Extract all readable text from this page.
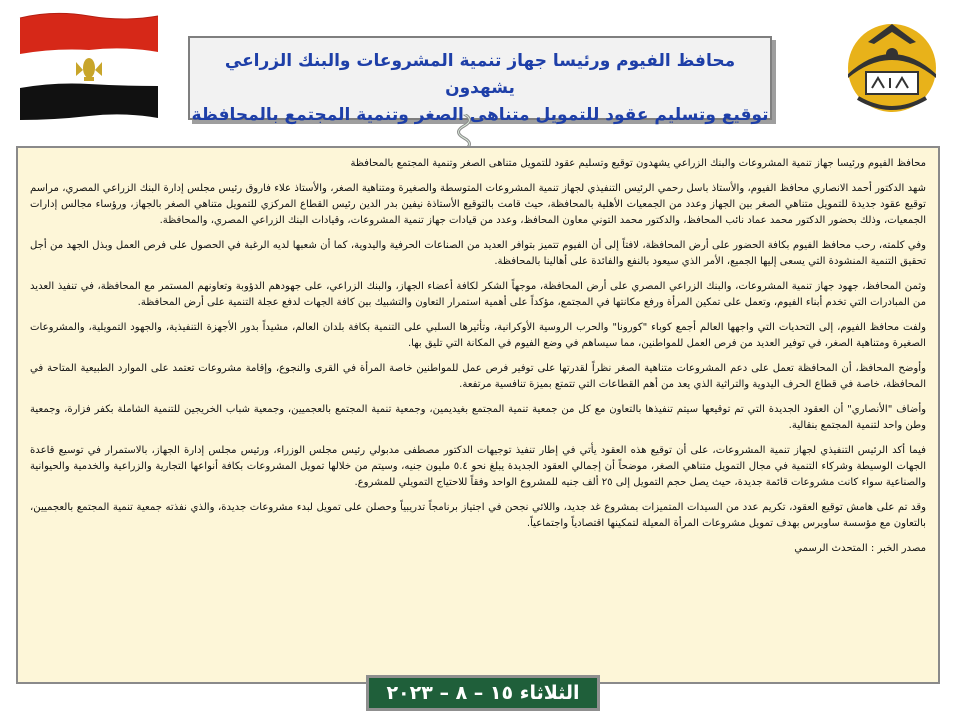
محافظ الفيوم ورئيسا جهاز تنمية المشروعات والبنك الزراعي يشهدون
توقيع وتسليم عقود للتمويل متناهى الصغر وتنمية المجتمع بالمحافظة

محافظ الفيوم ورئيسا جهاز تنمية المشروعات والبنك الزراعي يشهدون توقيع وتسليم عقود للتمويل متناهى الصغر وتنمية المجتمع بالمحافظة

شهد الدكتور أحمد الانصاري محافظ الفيوم، والأستاذ باسل رحمي الرئيس التنفيذي لجهاز تنمية المشروعات المتوسطة والصغيرة ومتناهية الصغر، والأستاذ علاء فاروق رئيس مجلس إدارة البنك الزراعي المصري، مراسم توقيع عقود جديدة للتمويل متناهي الصغر بين الجهاز وعدد من الجمعيات الأهلية بالمحافظة، حيث قامت بالتوقيع الأستاذة نيفين بدر الدين رئيس القطاع المركزي للتمويل متناهي الصغر بالجهاز، ورؤساء مجالس إدارات الجمعيات، وذلك بحضور الدكتور محمد عماد نائب المحافظ، والدكتور محمد التوني معاون المحافظ، وعدد من قيادات جهاز تنمية المشروعات، وقيادات البنك الزراعي المصري، والمحافظة.

وفي كلمته، رحب محافظ الفيوم بكافة الحضور على أرض المحافظة، لافتاً إلى أن الفيوم تتميز بتوافر العديد من الصناعات الحرفية واليدوية، كما أن شعبها لديه الرغبة في الحصول على فرص العمل وبذل الجهد من أجل تحقيق التنمية المنشودة التي يسعى إليها الجميع، الأمر الذي سيعود بالنفع والفائدة على أهالينا بالمحافظة.

وثمن المحافظ، جهود جهاز تنمية المشروعات، والبنك الزراعي المصري على أرض المحافظة، موجهاً الشكر لكافة أعضاء الجهاز، والبنك الزراعي، على جهودهم الدؤوبة وتعاونهم المستمر مع المحافظة، في تنفيذ العديد من المبادرات التي تخدم أبناء الفيوم، وتعمل على تمكين المرأة ورفع مكانتها في المجتمع، مؤكداً على أهمية استمرار التعاون والتشبيك بين كافة الجهات لدفع عجلة التنمية على أرض المحافظة.

ولفت محافظ الفيوم، إلى التحديات التي واجهها العالم أجمع كوباء "كورونا" والحرب الروسية الأوكرانية، وتأثيرها السلبي على التنمية بكافة بلدان العالم، مشيداً بدور الأجهزة التنفيذية، والجهود التمويلية، والمشروعات الصغيرة ومتناهية الصغر، في توفير العديد من فرص العمل للمواطنين، مما سيساهم في وضع الفيوم في المكانة التي تليق بها.

وأوضح المحافظ، أن المحافظة تعمل على دعم المشروعات متناهية الصغر نظراً لقدرتها على توفير فرص عمل للمواطنين خاصة المرأة في القرى والنجوع، وإقامة مشروعات تعتمد على الموارد الطبيعية المتاحة في المحافظة، خاصة في قطاع الحرف اليدوية والتراثية الذي يعد من أهم القطاعات التي تتمتع بميزة تنافسية مرتفعة.

وأضاف "الأنصاري" أن العقود الجديدة التي تم توقيعها سيتم تنفيذها بالتعاون مع كل من جمعية تنمية المجتمع بغيديمين، وجمعية تنمية المجتمع بالعجميين، وجمعية شباب الخريجين للتنمية الشاملة بكفر فزارة، وجمعية وطن واحد لتنمية المجتمع بنقالية.

فيما أكد الرئيس التنفيذي لجهاز تنمية المشروعات، على أن توقيع هذه العقود يأتي في إطار تنفيذ توجيهات الدكتور مصطفى مدبولي رئيس مجلس الوزراء، ورئيس مجلس إدارة الجهاز، بالاستمرار في توسيع قاعدة الجهات الوسيطة وشركاء التنمية في مجال التمويل متناهي الصغر، موضحاً أن إجمالي العقود الجديدة يبلغ نحو ٥.٤ مليون جنيه، وسيتم من خلالها تمويل المشروعات بكافة أنواعها التجارية والزراعية والخدمية والحيوانية والصناعية سواء كانت مشروعات قائمة جديدة، حيث يصل حجم التمويل إلى ٢٥ ألف جنيه للمشروع الواحد وفقاً للاحتياج التمويلي للمشروع.

وقد تم على هامش توقيع العقود، تكريم عدد من السيدات المتميزات بمشروع غد جديد، واللائي نجحن في اجتياز برنامجاً تدريبياً وحصلن على تمويل لبدء مشروعات جديدة، والذي نفذته جمعية تنمية المجتمع بالعجميين، بالتعاون مع مؤسسة ساويرس بهدف تمويل مشروعات المرأة المعيلة لتمكينها اقتصادياً واجتماعياً.

مصدر الخبر : المتحدث الرسمي

الثلاثاء ١٥ – ٨ – ٢٠٢٣
